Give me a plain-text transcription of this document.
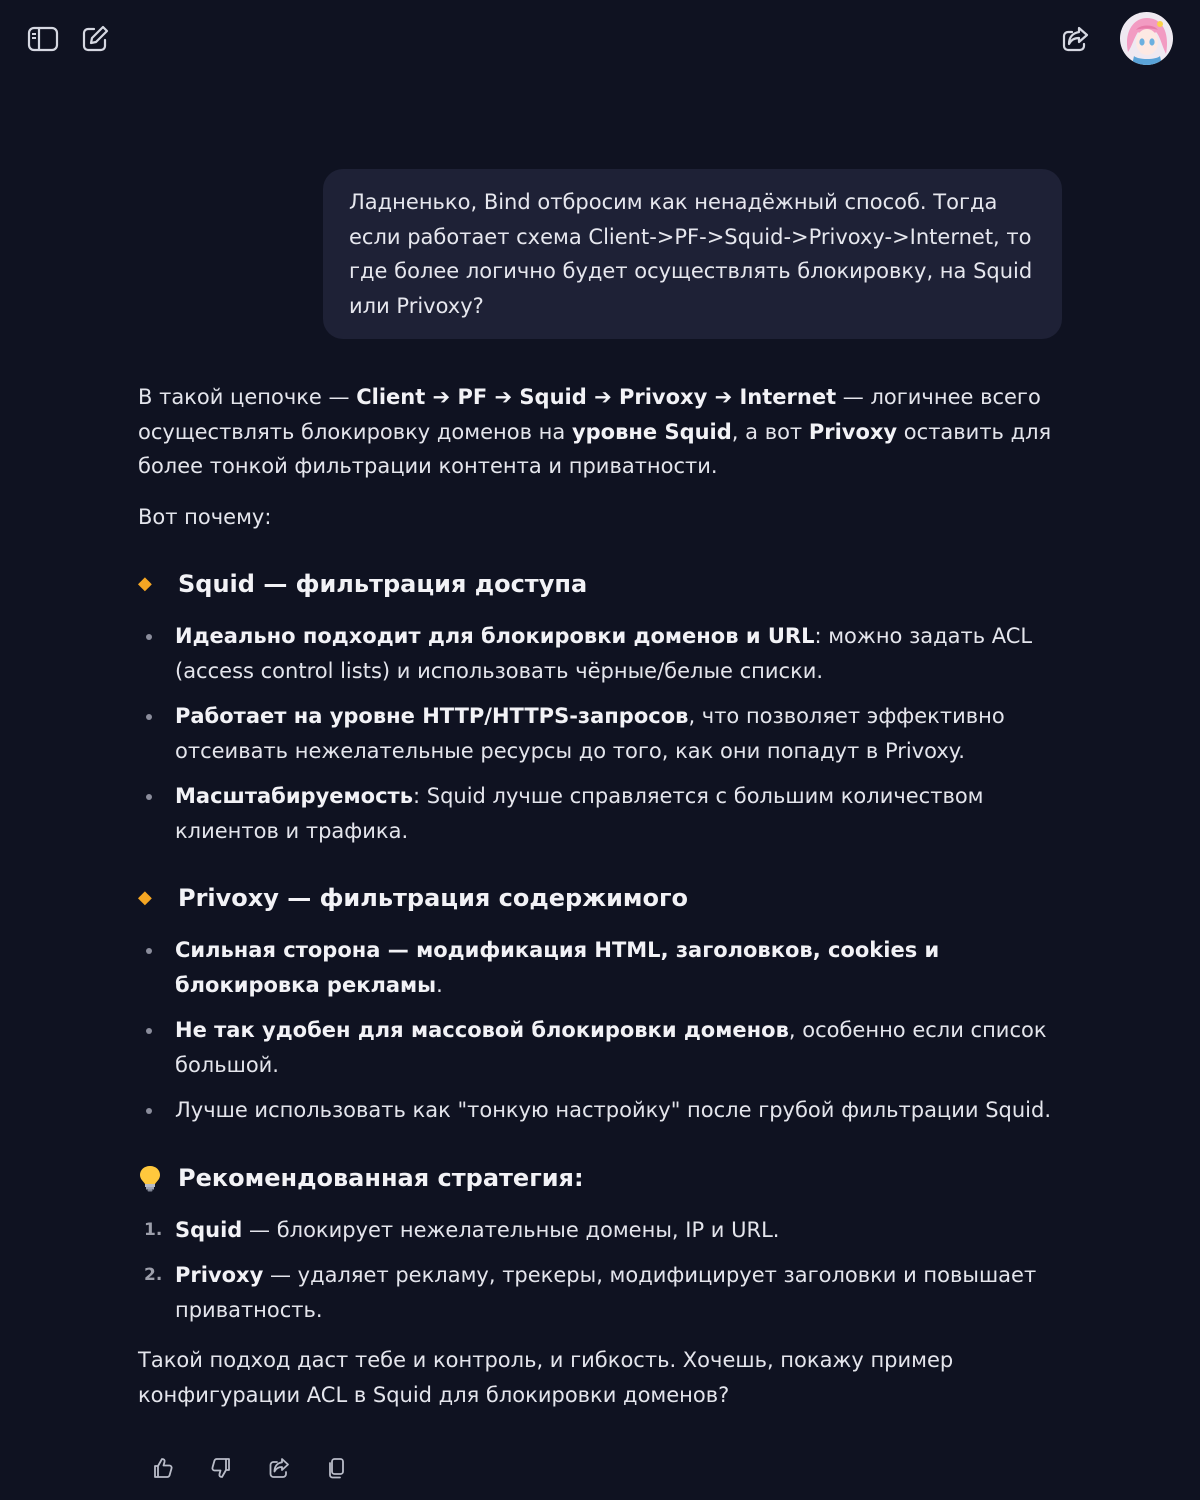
Ладненько, Bind отбросим как ненадёжный способ. Тогда если работает схема Client->PF->Squid->Privoxy->Internet, то где более логично будет осуществлять блокировку, на Squid или Privoxy?

В такой цепочке — Client ➔ PF ➔ Squid ➔ Privoxy ➔ Internet — логичнее всего осуществлять блокировку доменов на уровне Squid, а вот Privoxy оставить для более тонкой фильтрации контента и приватности.

Вот почему:

◆	Squid — фильтрация доступа
Идеально подходит для блокировки доменов и URL: можно задать ACL (access control lists) и использовать чёрные/белые списки.
Работает на уровне HTTP/HTTPS-запросов, что позволяет эффективно отсеивать нежелательные ресурсы до того, как они попадут в Privoxy.
Масштабируемость: Squid лучше справляется с большим количеством клиентов и трафика.
◆	Privoxy — фильтрация содержимого
Сильная сторона — модификация HTML, заголовков, cookies и блокировка рекламы.
Не так удобен для массовой блокировки доменов, особенно если список большой.
Лучше использовать как "тонкую настройку" после грубой фильтрации Squid.
Рекомендованная стратегия:
1. Squid — блокирует нежелательные домены, IP и URL.
2. Privoxy — удаляет рекламу, трекеры, модифицирует заголовки и повышает приватность.

Такой подход даст тебе и контроль, и гибкость. Хочешь, покажу пример конфигурации ACL в Squid для блокировки доменов?
